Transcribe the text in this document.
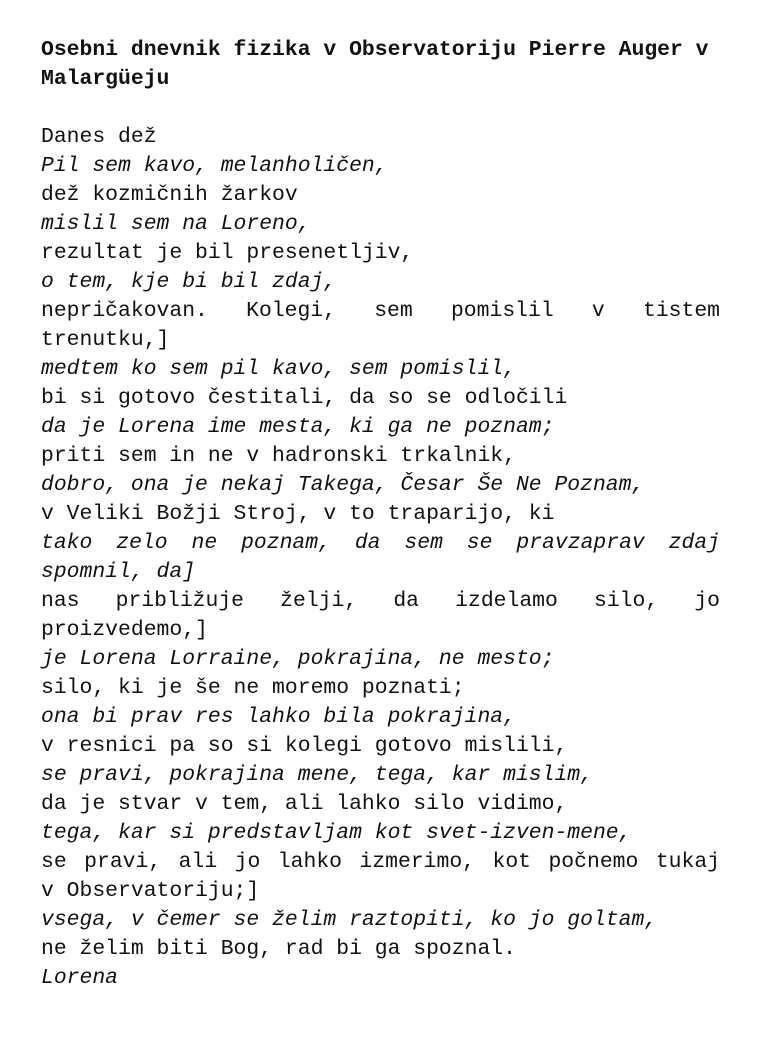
Osebni dnevnik fizika v Observatoriju Pierre Auger v Malargüeju
Danes dež
Pil sem kavo, melanholičen,
dež kozmičnih žarkov
mislil sem na Loreno,
rezultat je bil presenetljiv,
o tem, kje bi bil zdaj,
nepričakovan. Kolegi, sem pomislil v tistem
trenutku,]
medtem ko sem pil kavo, sem pomislil,
bi si gotovo čestitali, da so se odločili
da je Lorena ime mesta, ki ga ne poznam;
priti sem in ne v hadronski trkalnik,
dobro, ona je nekaj Takega, Česar Še Ne Poznam,
v Veliki Božji Stroj, v to traparijo, ki
tako zelo ne poznam, da sem se pravzaprav zdaj
spomnil, da]
nas približuje želji, da izdelamo silo, jo
proizvedemo,]
je Lorena Lorraine, pokrajina, ne mesto;
silo, ki je še ne moremo poznati;
ona bi prav res lahko bila pokrajina,
v resnici pa so si kolegi gotovo mislili,
se pravi, pokrajina mene, tega, kar mislim,
da je stvar v tem, ali lahko silo vidimo,
tega, kar si predstavljam kot svet-izven-mene,
se pravi, ali jo lahko izmerimo, kot počnemo tukaj
v Observatoriju;]
vsega, v čemer se želim raztopiti, ko jo goltam,
ne želim biti Bog, rad bi ga spoznal.
Lorena
